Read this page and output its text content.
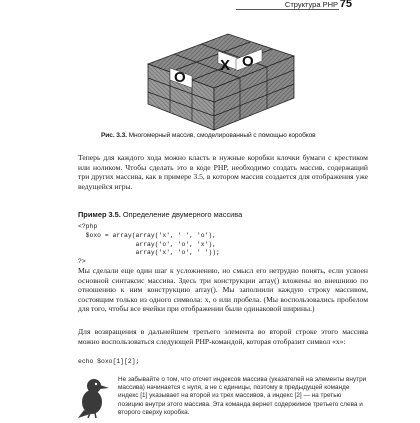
Структура PHP 75
O
X O
Рис. 3.3. Многомерный массив, смоделированный с помощью коробков
Теперь для каждого хода можно класть в нужные коробки клочки бумаги с крестиком или ноликом. Чтобы сделать это в коде PHP, необходимо создать массив, содержащий три других массива, как в примере 3.5, в котором массив создается для отображения уже ведущейся игры.
Пример 3.5. Определение двумерного массива
<?php
$oxo = array(array('x', ' ', 'o'),
array('o', 'o', 'x'),
array('x', 'o', ' '));
?>
Мы сделали еще один шаг к усложнению, но смысл его нетрудно понять, если усвоен основной синтаксис массива. Здесь три конструкции array() вложены во внешнюю по отношению к ним конструкцию array(). Мы заполнили каждую строку массивом, состоящим только из одного символа: x, o или пробела. (Мы воспользовались пробелом для того, чтобы все ячейки при отображении были одинаковой ширины.)
Для возвращения в дальнейшем третьего элемента во второй строке этого массива можно воспользоваться следующей PHP-командой, которая отобразит символ «x»:
echo $oxo[1][2];
Не забывайте о том, что отсчет индексов массива (указателей на элементы внутри массива) начинается с нуля, а не с единицы, поэтому в предыдущей команде индекс [1] указывает на второй из трех массивов, а индекс [2] — на третью позицию внутри этого массива. Эта команда вернет содержимое третьего слева и второго сверху коробка.
